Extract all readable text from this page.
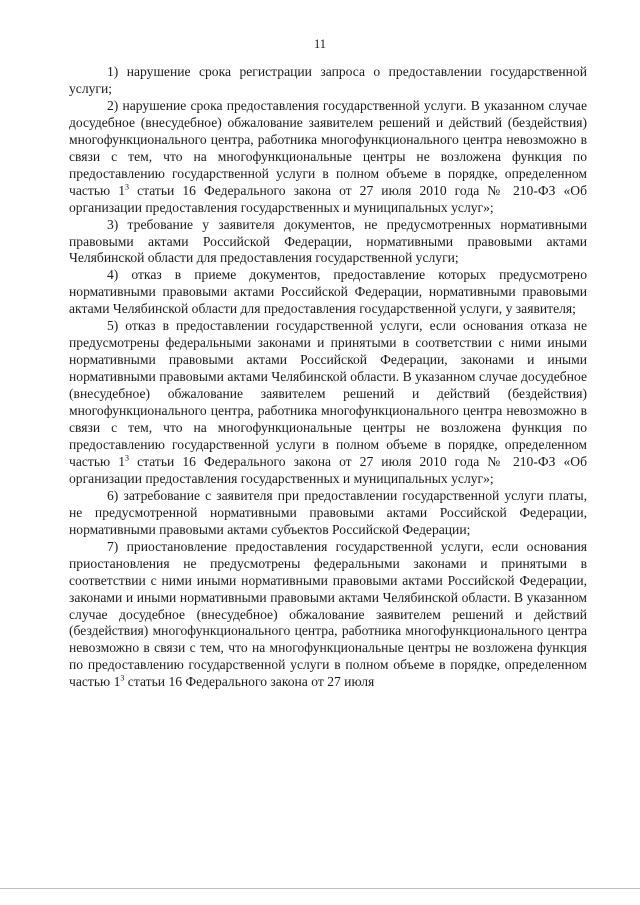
11

1) нарушение срока регистрации запроса о предоставлении государственной услуги;

2) нарушение срока предоставления государственной услуги. В указанном случае досудебное (внесудебное) обжалование заявителем решений и действий (бездействия) многофункционального центра, работника многофункционального центра невозможно в связи с тем, что на многофункциональные центры не возложена функция по предоставлению государственной услуги в полном объеме в порядке, определенном частью $1^3$ статьи 16 Федерального закона от 27 июля 2010 года № 210-ФЗ «Об организации предоставления государственных и муниципальных услуг»;

3) требование у заявителя документов, не предусмотренных нормативными правовыми актами Российской Федерации, нормативными правовыми актами Челябинской области для предоставления государственной услуги;

4) отказ в приеме документов, предоставление которых предусмотрено нормативными правовыми актами Российской Федерации, нормативными правовыми актами Челябинской области для предоставления государственной услуги, у заявителя;

5) отказ в предоставлении государственной услуги, если основания отказа не предусмотрены федеральными законами и принятыми в соответствии с ними иными нормативными правовыми актами Российской Федерации, законами и иными нормативными правовыми актами Челябинской области. В указанном случае досудебное (внесудебное) обжалование заявителем решений и действий (бездействия) многофункционального центра, работника многофункционального центра невозможно в связи с тем, что на многофункциональные центры не возложена функция по предоставлению государственной услуги в полном объеме в порядке, определенном частью $1^3$ статьи 16 Федерального закона от 27 июля 2010 года № 210-ФЗ «Об организации предоставления государственных и муниципальных услуг»;

6) затребование с заявителя при предоставлении государственной услуги платы, не предусмотренной нормативными правовыми актами Российской Федерации, нормативными правовыми актами субъектов Российской Федерации;

7) приостановление предоставления государственной услуги, если основания приостановления не предусмотрены федеральными законами и принятыми в соответствии с ними иными нормативными правовыми актами Российской Федерации, законами и иными нормативными правовыми актами Челябинской области. В указанном случае досудебное (внесудебное) обжалование заявителем решений и действий (бездействия) многофункционального центра, работника многофункционального центра невозможно в связи с тем, что на многофункциональные центры не возложена функция по предоставлению государственной услуги в полном объеме в порядке, определенном частью $1^3$ статьи 16 Федерального закона от 27 июля
